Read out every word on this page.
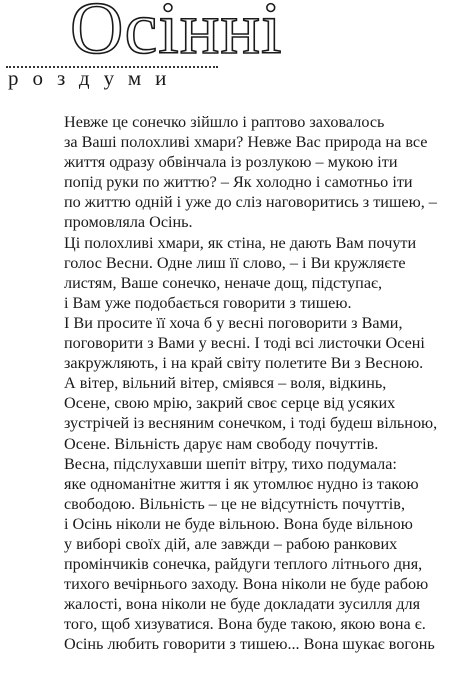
Осінні
роздуми
Невже це сонечко зійшло і раптово заховалось
за Ваші полохливі хмари? Невже Вас природа на все
життя одразу обвінчала із розлукою – мукою іти
попід руки по життю? – Як холодно і самотньо іти
по життю одній і уже до сліз наговоритись з тишею, –
промовляла Осінь.
Ці полохливі хмари, як стіна, не дають Вам почути
голос Весни. Одне лиш її слово, – і Ви кружляєте
листям, Ваше сонечко, неначе дощ, підступає,
і Вам уже подобається говорити з тишею.
І Ви просите її хоча б у весні поговорити з Вами,
поговорити з Вами у весні. І тоді всі листочки Осені
закружляють, і на край світу полетите Ви з Весною.
А вітер, вільний вітер, сміявся – воля, відкинь,
Осене, свою мрію, закрий своє серце від усяких
зустрічей із весняним сонечком, і тоді будеш вільною,
Осене. Вільність дарує нам свободу почуттів.
Весна, підслухавши шепіт вітру, тихо подумала:
яке одноманітне життя і як утомлює нудно із такою
свободою. Вільність – це не відсутність почуттів,
і Осінь ніколи не буде вільною. Вона буде вільною
у виборі своїх дій, але завжди – рабою ранкових
промінчиків сонечка, райдуги теплого літнього дня,
тихого вечірнього заходу. Вона ніколи не буде рабою
жалості, вона ніколи не буде докладати зусилля для
того, щоб хизуватися. Вона буде такою, якою вона є.
Осінь любить говорити з тишею... Вона шукає вогонь
